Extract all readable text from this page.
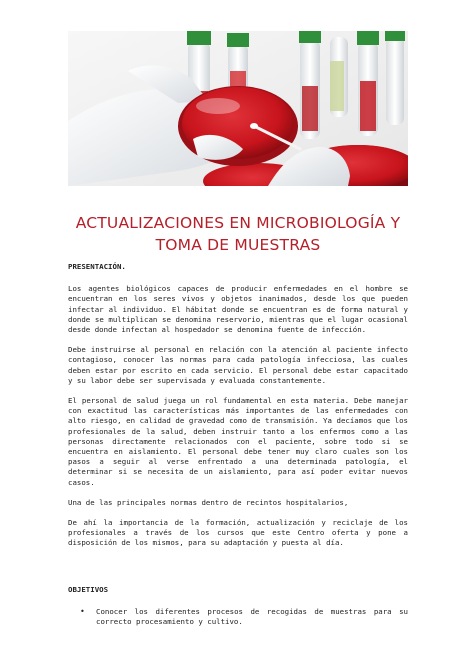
ACTUALIZACIONES EN MICROBIOLOGÍA Y TOMA DE MUESTRAS

PRESENTACIÓN.

Los agentes biológicos capaces de producir enfermedades en el hombre se encuentran en los seres vivos y objetos inanimados, desde los que pueden infectar al individuo. El hábitat donde se encuentran es de forma natural y donde se multiplican se denomina reservorio, mientras que el lugar ocasional desde donde infectan al hospedador se denomina fuente de infección.

Debe instruirse al personal en relación con la atención al paciente infecto contagioso, conocer las normas para cada patología infecciosa, las cuales deben estar por escrito en cada servicio. El personal debe estar capacitado y su labor debe ser supervisada y evaluada constantemente.

El personal de salud juega un rol fundamental en esta materia. Debe manejar con exactitud las características más importantes de las enfermedades con alto riesgo, en calidad de gravedad como de transmisión. Ya decíamos que los profesionales de la salud, deben instruir tanto a los enfermos como a las personas directamente relacionados con el paciente, sobre todo si se encuentra en aislamiento. El personal debe tener muy claro cuales son los pasos a seguir al verse enfrentado a una determinada patología, el determinar si se necesita de un aislamiento, para así poder evitar nuevos casos.

Una de las principales normas dentro de recintos hospitalarios,

De ahí la importancia de la formación, actualización y reciclaje de los profesionales a través de los cursos que este Centro oferta y pone a disposición de los mismos, para su adaptación y puesta al día.

OBJETIVOS

• Conocer los diferentes procesos de recogidas de muestras para su correcto procesamiento y cultivo.
